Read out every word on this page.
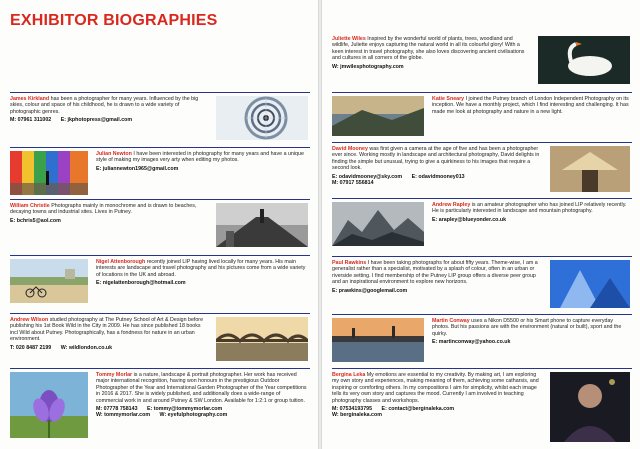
EXHIBITOR BIOGRAPHIES
James Kirkland has been a photographer for many years. Influenced by the big skies, colour and space of his childhood, he is drawn to a wide variety of photographic genres.
M: 07961 311002 E: jkphotopress@gmail.com
Julian Newton I have been interested in photography for many years and have a unique style of making my images very arty when editing my photos.
E: juliannewton1965@gmail.com
William Christie Photographs mainly in monochrome and is drawn to beaches, decaying towns and industrial sites. Lives in Putney.
E: bchris5@aol.com
Nigel Attenborough recently joined LIP having lived locally for many years. His main interests are landscape and travel photography and his pictures come from a wide variety of locations in the UK and abroad.
E: nigelattenborough@hotmail.com
Andrew Wilson studied photography at The Putney School of Art & Design before publishing his 1st Book Wild in the City in 2009. He has since published 18 books incl Wild about Putney. Photographically, has a fondness for nature in an urban environment.
T: 020 8487 2199 W: wildlondon.co.uk
Tommy Morlar is a nature, landscape & portrait photographer. Her work has received major international recognition, having won honours in the prestigious Outdoor Photographer of the Year and International Garden Photographer of the Year competitions in 2016 & 2017. She is widely published, and additionally does a wide-range of commercial work in and around Putney & SW London. Available for 1:2:1 or group tuition.
M: 07778 758143 E: tommy@tommymorlar.com
W: tommymorlar.com W: eyefulphotography.com
Juliette Wiles Inspired by the wonderful world of plants, trees, woodland and wildlife, Juliette enjoys capturing the natural world in all its colourful glory! With a keen interest in travel photography, she also loves discovering ancient civilisations and cultures in all corners of the globe.
W: jmwilesphotography.com
Katie Sneary I joined the Putney branch of London Independent Photography on its inception. We have a monthly project, which I find interesting and challenging. It has made me look at photography and nature in a new light.
David Mooney was first given a camera at the age of five and has been a photographer ever since. Working mostly in landscape and architectural photography, David delights in finding the simple but unusual, trying to give a quirkiness to his images that require a second look.
E: odavidmooney@sky.com E: odavidmooney013
M: 07917 556814
Andrew Rapley is an amateur photographer who has joined LIP relatively recently. He is particularly interested in landscape and mountain photography.
E: arapley@blueyonder.co.uk
Paul Rawkins I have been taking photographs for about fifty years. Theme-wise, I am a generalist rather than a specialist, motivated by a splash of colour, often in an urban or riverside setting. I find membership of the Putney LIP group offers a diverse peer group and an inspirational environment to explore new horizons.
E: prawkins@googlemail.com
Martin Conway uses a Nikon D5500 or his Smart phone to capture everyday photos. But his passions are with the environment (natural or built), sport and the quirky.
E: martinconway@yahoo.co.uk
Bergina Leka My emotions are essential to my creativity. By making art, I am exploring my own story and experiences, making meaning of them, achieving some catharsis, and inspiring or comforting others. In my compositions I aim for simplicity, whilst each image tells its very own story and captures the mood. Currently I am involved in teaching photography classes and workshops.
M: 07534193795 E: contact@berginaleka.com
W: berginaleka.com
